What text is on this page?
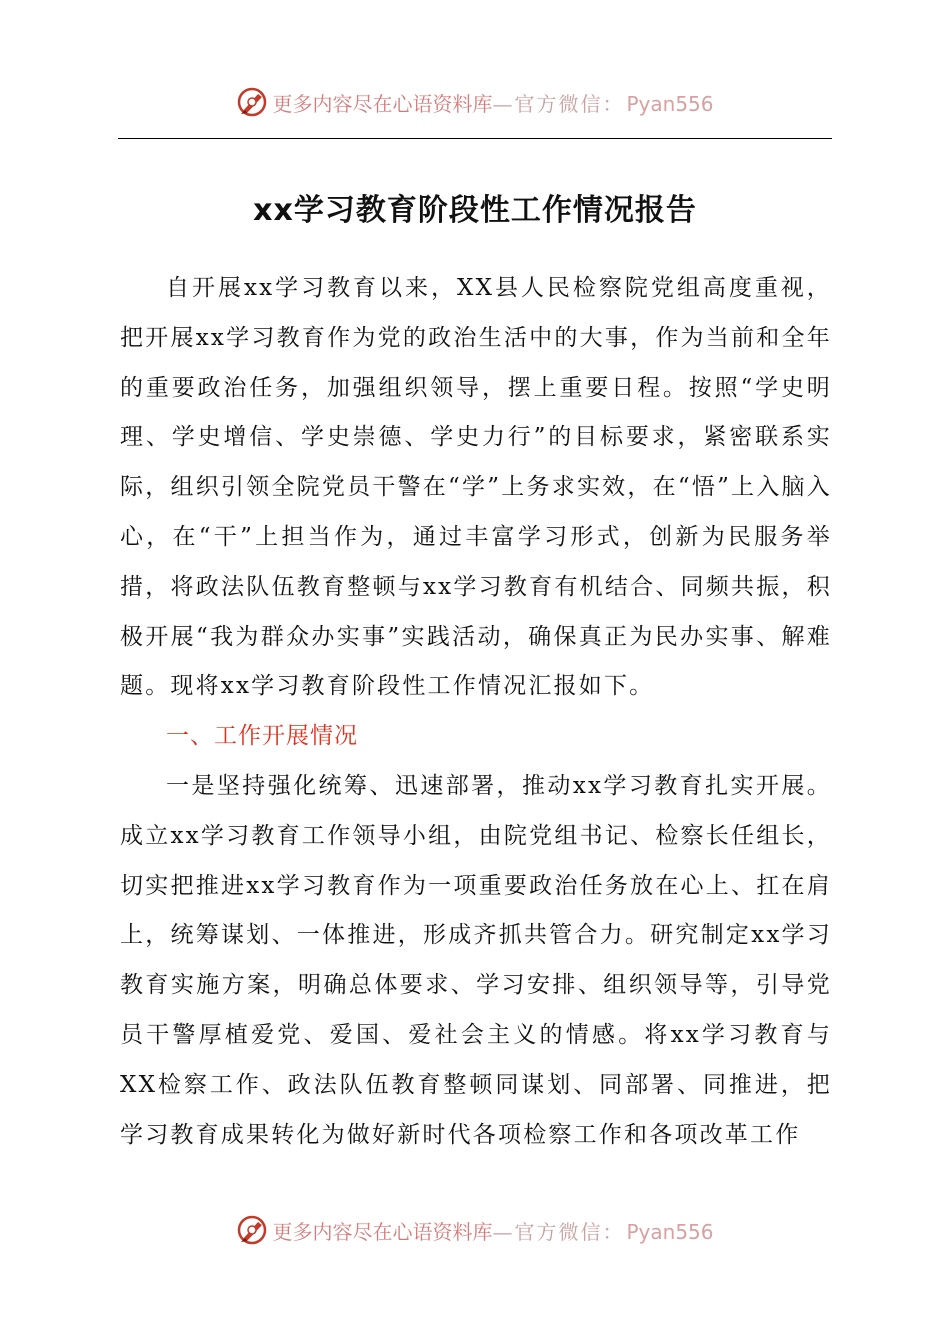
更多内容尽在心语资料库 —官方微信： Pyan556
xx学习教育阶段性工作情况报告

自开展xx学习教育以来，XX县人民检察院党组高度重视，把开展xx学习教育作为党的政治生活中的大事，作为当前和全年的重要政治任务，加强组织领导，摆上重要日程。按照“学史明理、学史增信、学史崇德、学史力行”的目标要求，紧密联系实际，组织引领全院党员干警在“学”上务求实效，在“悟”上入脑入心，在“干”上担当作为，通过丰富学习形式，创新为民服务举措，将政法队伍教育整顿与xx学习教育有机结合、同频共振，积极开展“我为群众办实事”实践活动，确保真正为民办实事、解难题。现将xx学习教育阶段性工作情况汇报如下。

一、工作开展情况

一是坚持强化统筹、迅速部署，推动xx学习教育扎实开展。成立xx学习教育工作领导小组，由院党组书记、检察长任组长，切实把推进xx学习教育作为一项重要政治任务放在心上、扛在肩上，统筹谋划、一体推进，形成齐抓共管合力。研究制定xx学习教育实施方案，明确总体要求、学习安排、组织领导等，引导党员干警厚植爱党、爱国、爱社会主义的情感。将xx学习教育与XX检察工作、政法队伍教育整顿同谋划、同部署、同推进，把学习教育成果转化为做好新时代各项检察工作和各项改革工作

更多内容尽在心语资料库 —官方微信： Pyan556
